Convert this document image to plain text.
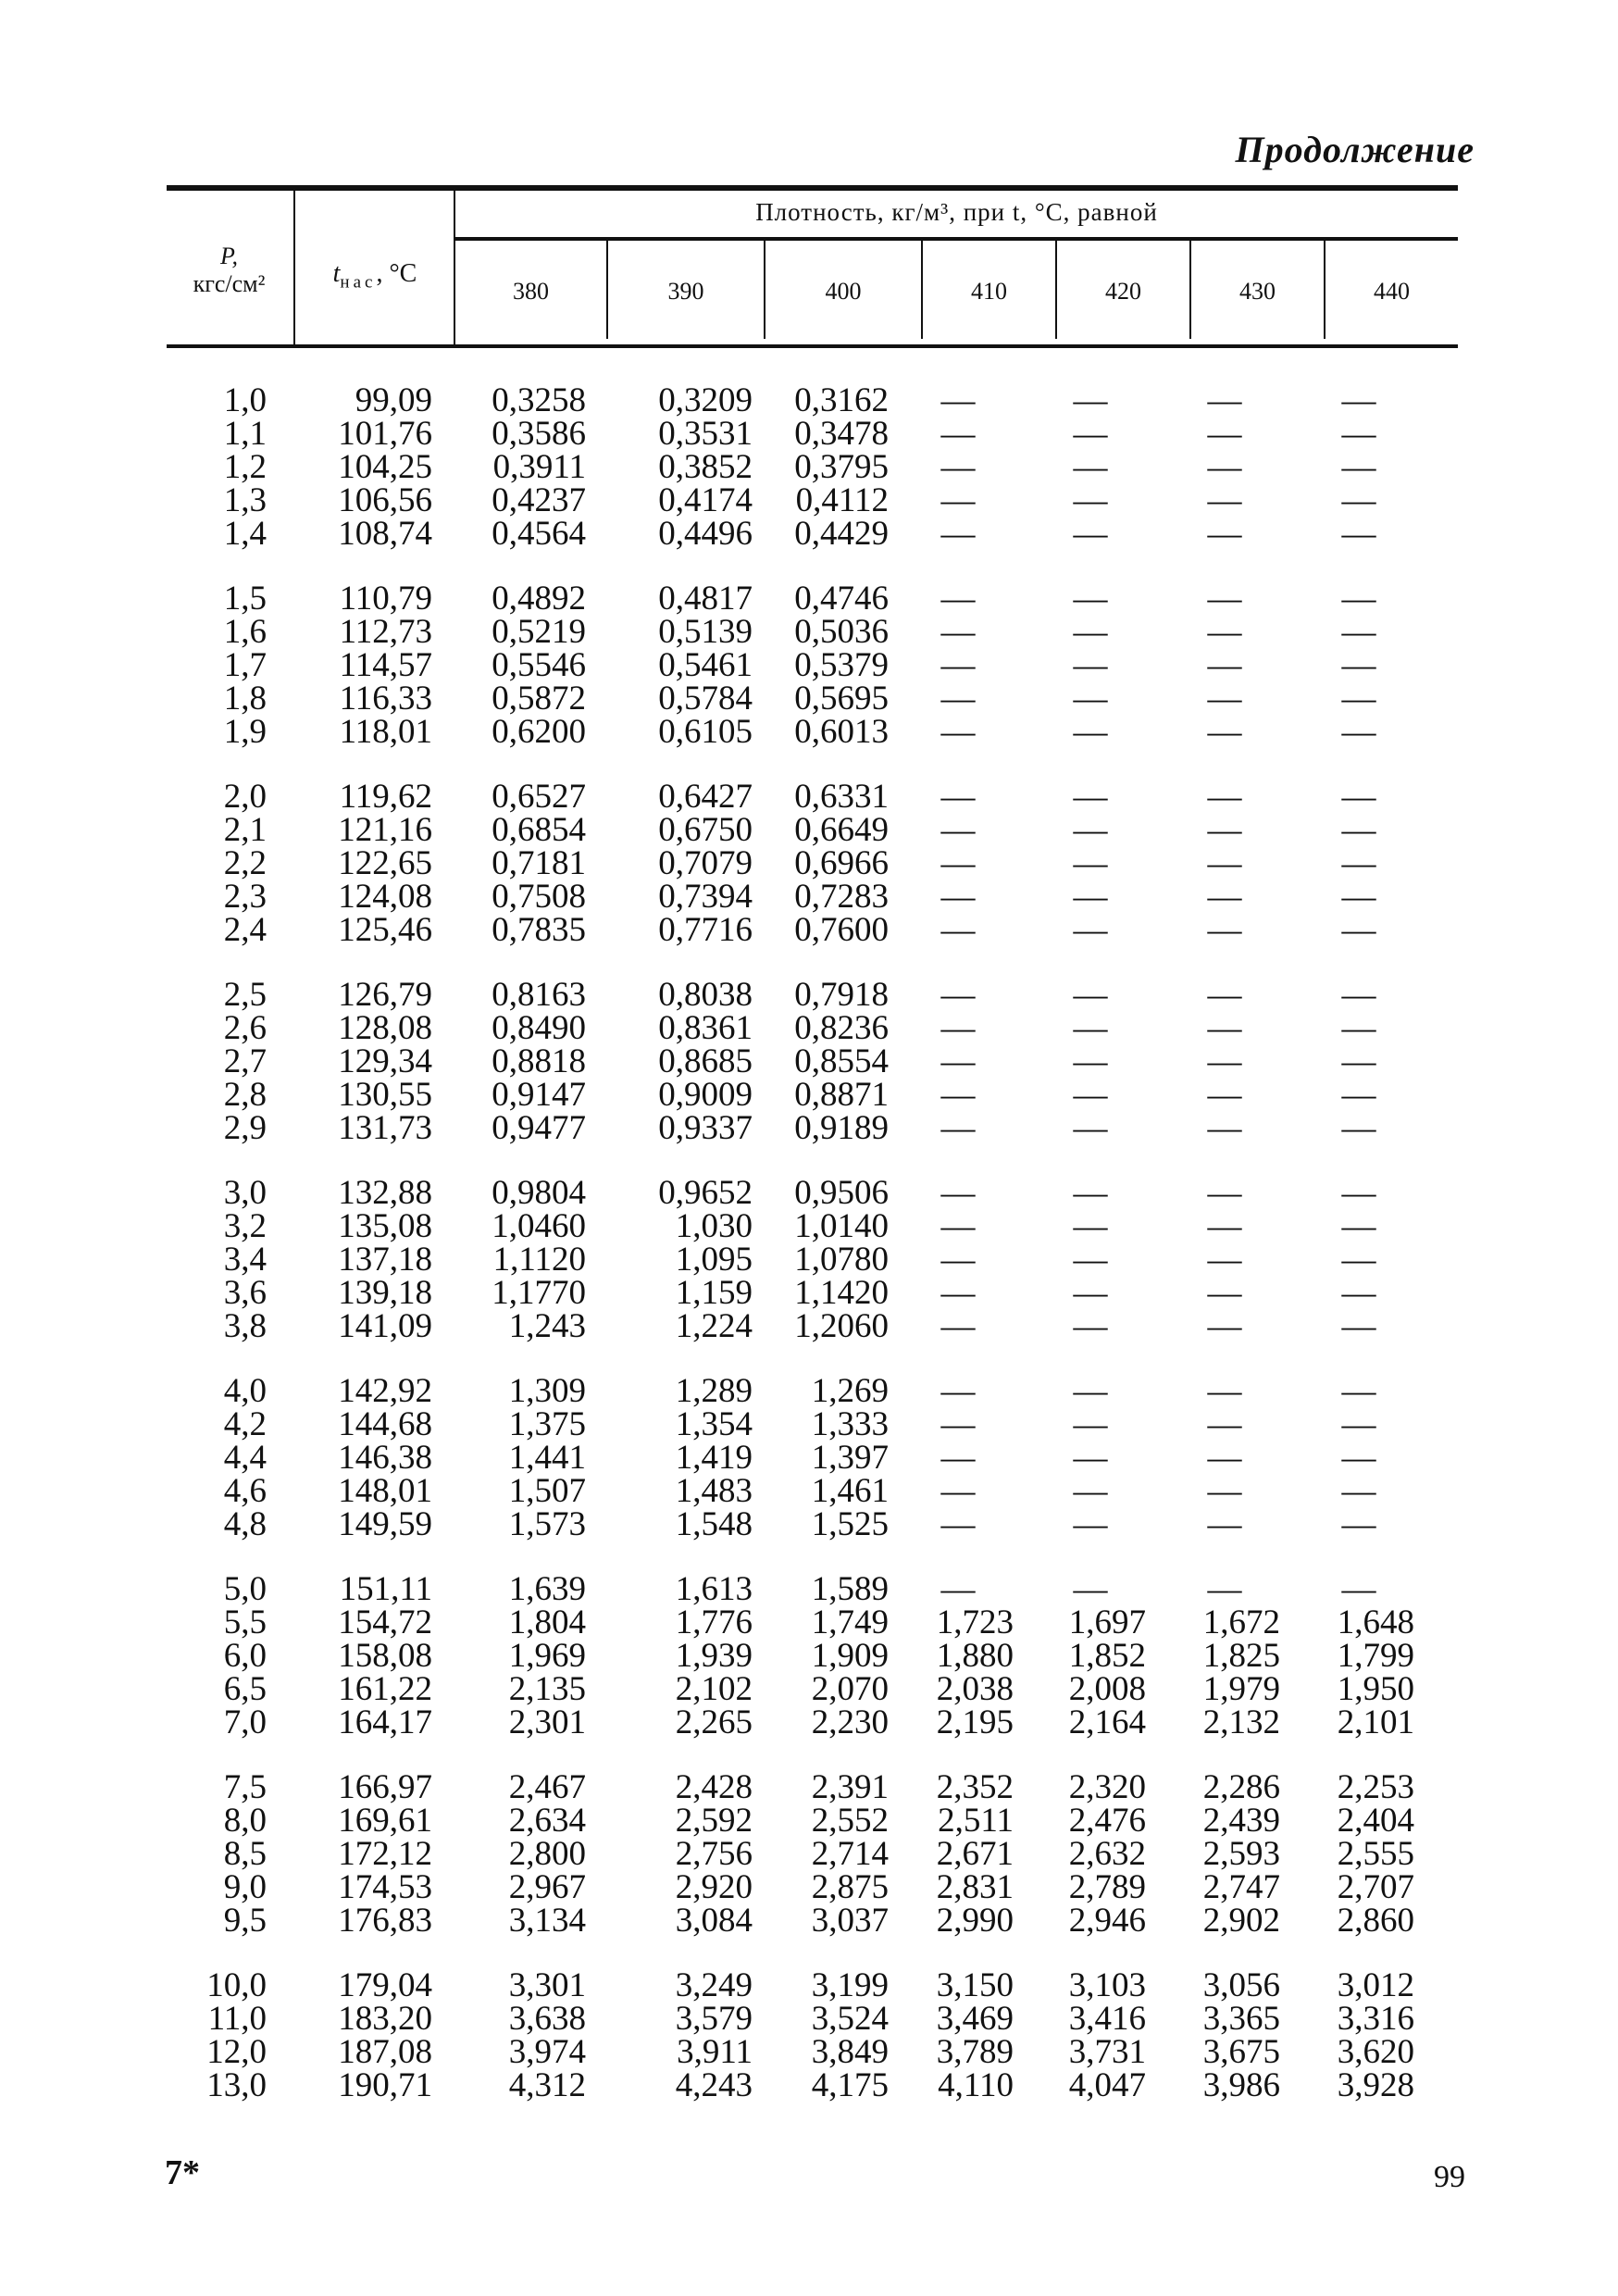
Продолжение
P,
кгс/см²	$t_{нас}$, °C
Плотность, кг/м³, при t, °C, равной
380	390	400	410	420	430	440
1,0	99,09	0,3258	0,3209	0,3162	—	—	—	—
1,1	101,76	0,3586	0,3531	0,3478	—	—	—	—
1,2	104,25	0,3911	0,3852	0,3795	—	—	—	—
1,3	106,56	0,4237	0,4174	0,4112	—	—	—	—
1,4	108,74	0,4564	0,4496	0,4429	—	—	—	—
1,5	110,79	0,4892	0,4817	0,4746	—	—	—	—
1,6	112,73	0,5219	0,5139	0,5036	—	—	—	—
1,7	114,57	0,5546	0,5461	0,5379	—	—	—	—
1,8	116,33	0,5872	0,5784	0,5695	—	—	—	—
1,9	118,01	0,6200	0,6105	0,6013	—	—	—	—
2,0	119,62	0,6527	0,6427	0,6331	—	—	—	—
2,1	121,16	0,6854	0,6750	0,6649	—	—	—	—
2,2	122,65	0,7181	0,7079	0,6966	—	—	—	—
2,3	124,08	0,7508	0,7394	0,7283	—	—	—	—
2,4	125,46	0,7835	0,7716	0,7600	—	—	—	—
2,5	126,79	0,8163	0,8038	0,7918	—	—	—	—
2,6	128,08	0,8490	0,8361	0,8236	—	—	—	—
2,7	129,34	0,8818	0,8685	0,8554	—	—	—	—
2,8	130,55	0,9147	0,9009	0,8871	—	—	—	—
2,9	131,73	0,9477	0,9337	0,9189	—	—	—	—
3,0	132,88	0,9804	0,9652	0,9506	—	—	—	—
3,2	135,08	1,0460	1,030	1,0140	—	—	—	—
3,4	137,18	1,1120	1,095	1,0780	—	—	—	—
3,6	139,18	1,1770	1,159	1,1420	—	—	—	—
3,8	141,09	1,243	1,224	1,2060	—	—	—	—
4,0	142,92	1,309	1,289	1,269	—	—	—	—
4,2	144,68	1,375	1,354	1,333	—	—	—	—
4,4	146,38	1,441	1,419	1,397	—	—	—	—
4,6	148,01	1,507	1,483	1,461	—	—	—	—
4,8	149,59	1,573	1,548	1,525	—	—	—	—
5,0	151,11	1,639	1,613	1,589	—	—	—	—
5,5	154,72	1,804	1,776	1,749	1,723	1,697	1,672	1,648
6,0	158,08	1,969	1,939	1,909	1,880	1,852	1,825	1,799
6,5	161,22	2,135	2,102	2,070	2,038	2,008	1,979	1,950
7,0	164,17	2,301	2,265	2,230	2,195	2,164	2,132	2,101
7,5	166,97	2,467	2,428	2,391	2,352	2,320	2,286	2,253
8,0	169,61	2,634	2,592	2,552	2,511	2,476	2,439	2,404
8,5	172,12	2,800	2,756	2,714	2,671	2,632	2,593	2,555
9,0	174,53	2,967	2,920	2,875	2,831	2,789	2,747	2,707
9,5	176,83	3,134	3,084	3,037	2,990	2,946	2,902	2,860
10,0	179,04	3,301	3,249	3,199	3,150	3,103	3,056	3,012
11,0	183,20	3,638	3,579	3,524	3,469	3,416	3,365	3,316
12,0	187,08	3,974	3,911	3,849	3,789	3,731	3,675	3,620
13,0	190,71	4,312	4,243	4,175	4,110	4,047	3,986	3,928
7*	99
